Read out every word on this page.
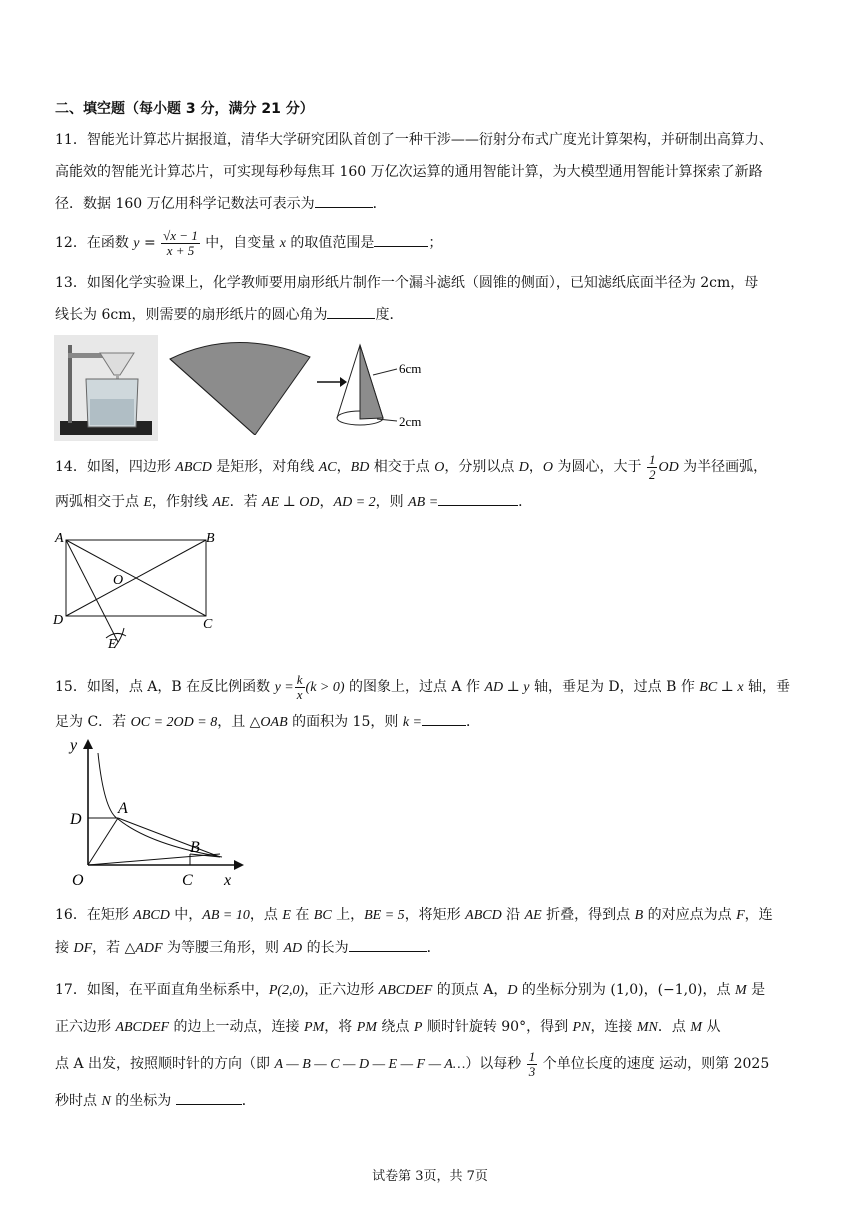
二、填空题（每小题 3 分，满分 21 分）
11．智能光计算芯片据报道，清华大学研究团队首创了一种干涉——衍射分布式广度光计算架构，并研制出高算力、
高能效的智能光计算芯片，可实现每秒每焦耳 160 万亿次运算的通用智能计算，为大模型通用智能计算探索了新路
径．数据 160 万亿用科学记数法可表示为	．
12．在函数 $y = \frac{√x - 1}{x + 5}$ 中，自变量 x 的取值范围是	；
13．如图化学实验课上，化学教师要用扇形纸片制作一个漏斗滤纸（圆锥的侧面），已知滤纸底面半径为 2cm，母
线长为 6cm，则需要的扇形纸片的圆心角为	度．
6cm
2cm
14．如图，四边形 ABCD 是矩形，对角线 AC，BD 相交于点 O，分别以点 D，O 为圆心，大于 $\frac{1}{2}$ OD 为半径画弧，
两弧相交于点 E，作射线 AE．若 AE ⊥ OD，AD = 2，则 AB =	．
A	B
C
D
O
E
15．如图，点 A，B 在反比例函数 $y = \frac{k}{x} (k > 0)$ 的图象上，过点 A 作 AD ⊥ y 轴，垂足为 D，过点 B 作 BC ⊥ x 轴，垂
足为 C．若 OC = 2OD = 8，且 △OAB 的面积为 15，则 k =	．
y
x
O
A
B
C
D
16．在矩形 ABCD 中，AB = 10，点 E 在 BC 上，BE = 5，将矩形 ABCD 沿 AE 折叠，得到点 B 的对应点为点 F，连
接 DF，若 △ADF 为等腰三角形，则 AD 的长为	．
17．如图，在平面直角坐标系中，P(2,0)，正六边形 ABCDEF 的顶点 A，D 的坐标分别为 (1,0)，(−1,0)，点 M 是
正六边形 ABCDEF 的边上一动点，连接 PM，将 PM 绕点 P 顺时针旋转 90°，得到 PN，连接 MN．点 M 从
点 A 出发，按照顺时针的方向（即 A — B — C — D — E — F — A…）以每秒 $\frac{1}{3}$ 个单位长度的速度 运动，则第 2025
秒时点 N 的坐标为	．
试卷第 3页，共 7页
